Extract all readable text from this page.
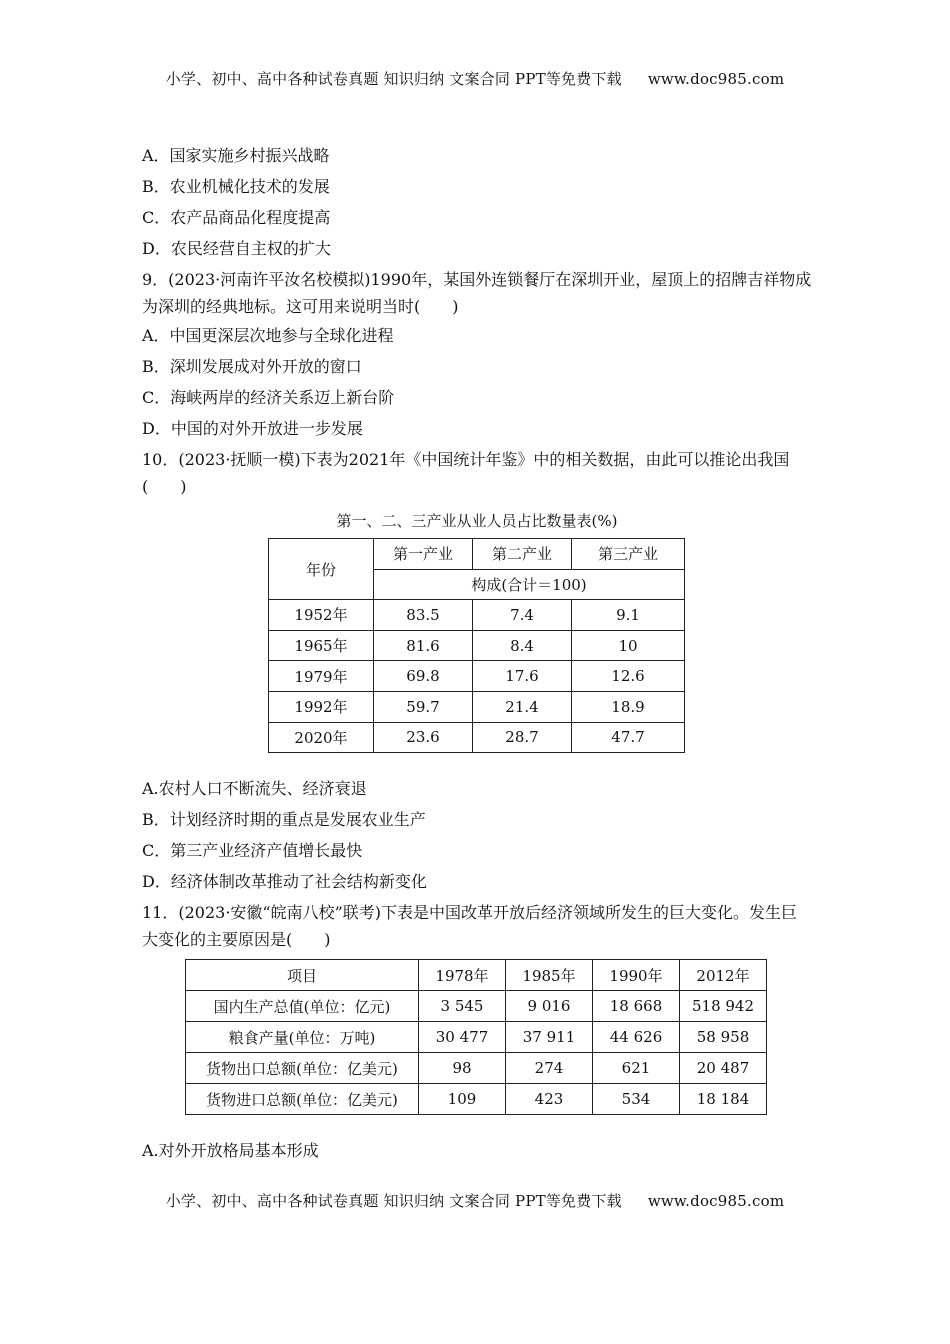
小学、初中、高中各种试卷真题 知识归纳 文案合同 PPT等免费下载 www.doc985.com
A．国家实施乡村振兴战略
B．农业机械化技术的发展
C．农产品商品化程度提高
D．农民经营自主权的扩大
9．(2023·河南许平汝名校模拟)1990年，某国外连锁餐厅在深圳开业，屋顶上的招牌吉祥物成为深圳的经典地标。这可用来说明当时(　　)
A．中国更深层次地参与全球化进程
B．深圳发展成对外开放的窗口
C．海峡两岸的经济关系迈上新台阶
D．中国的对外开放进一步发展
10．(2023·抚顺一模)下表为2021年《中国统计年鉴》中的相关数据，由此可以推论出我国(　　)
第一、二、三产业从业人员占比数量表(%)
年份	第一产业	第二产业	第三产业
	构成(合计＝100)		
1952年	83.5	7.4	9.1
1965年	81.6	8.4	10
1979年	69.8	17.6	12.6
1992年	59.7	21.4	18.9
2020年	23.6	28.7	47.7
A.农村人口不断流失、经济衰退
B．计划经济时期的重点是发展农业生产
C．第三产业经济产值增长最快
D．经济体制改革推动了社会结构新变化
11．(2023·安徽“皖南八校”联考)下表是中国改革开放后经济领域所发生的巨大变化。发生巨大变化的主要原因是(　　)
项目	1978年	1985年	1990年	2012年
国内生产总值(单位：亿元)	3 545	9 016	18 668	518 942
粮食产量(单位：万吨)	30 477	37 911	44 626	58 958
货物出口总额(单位：亿美元)	98	274	621	20 487
货物进口总额(单位：亿美元)	109	423	534	18 184
A.对外开放格局基本形成
小学、初中、高中各种试卷真题 知识归纳 文案合同 PPT等免费下载 www.doc985.com
